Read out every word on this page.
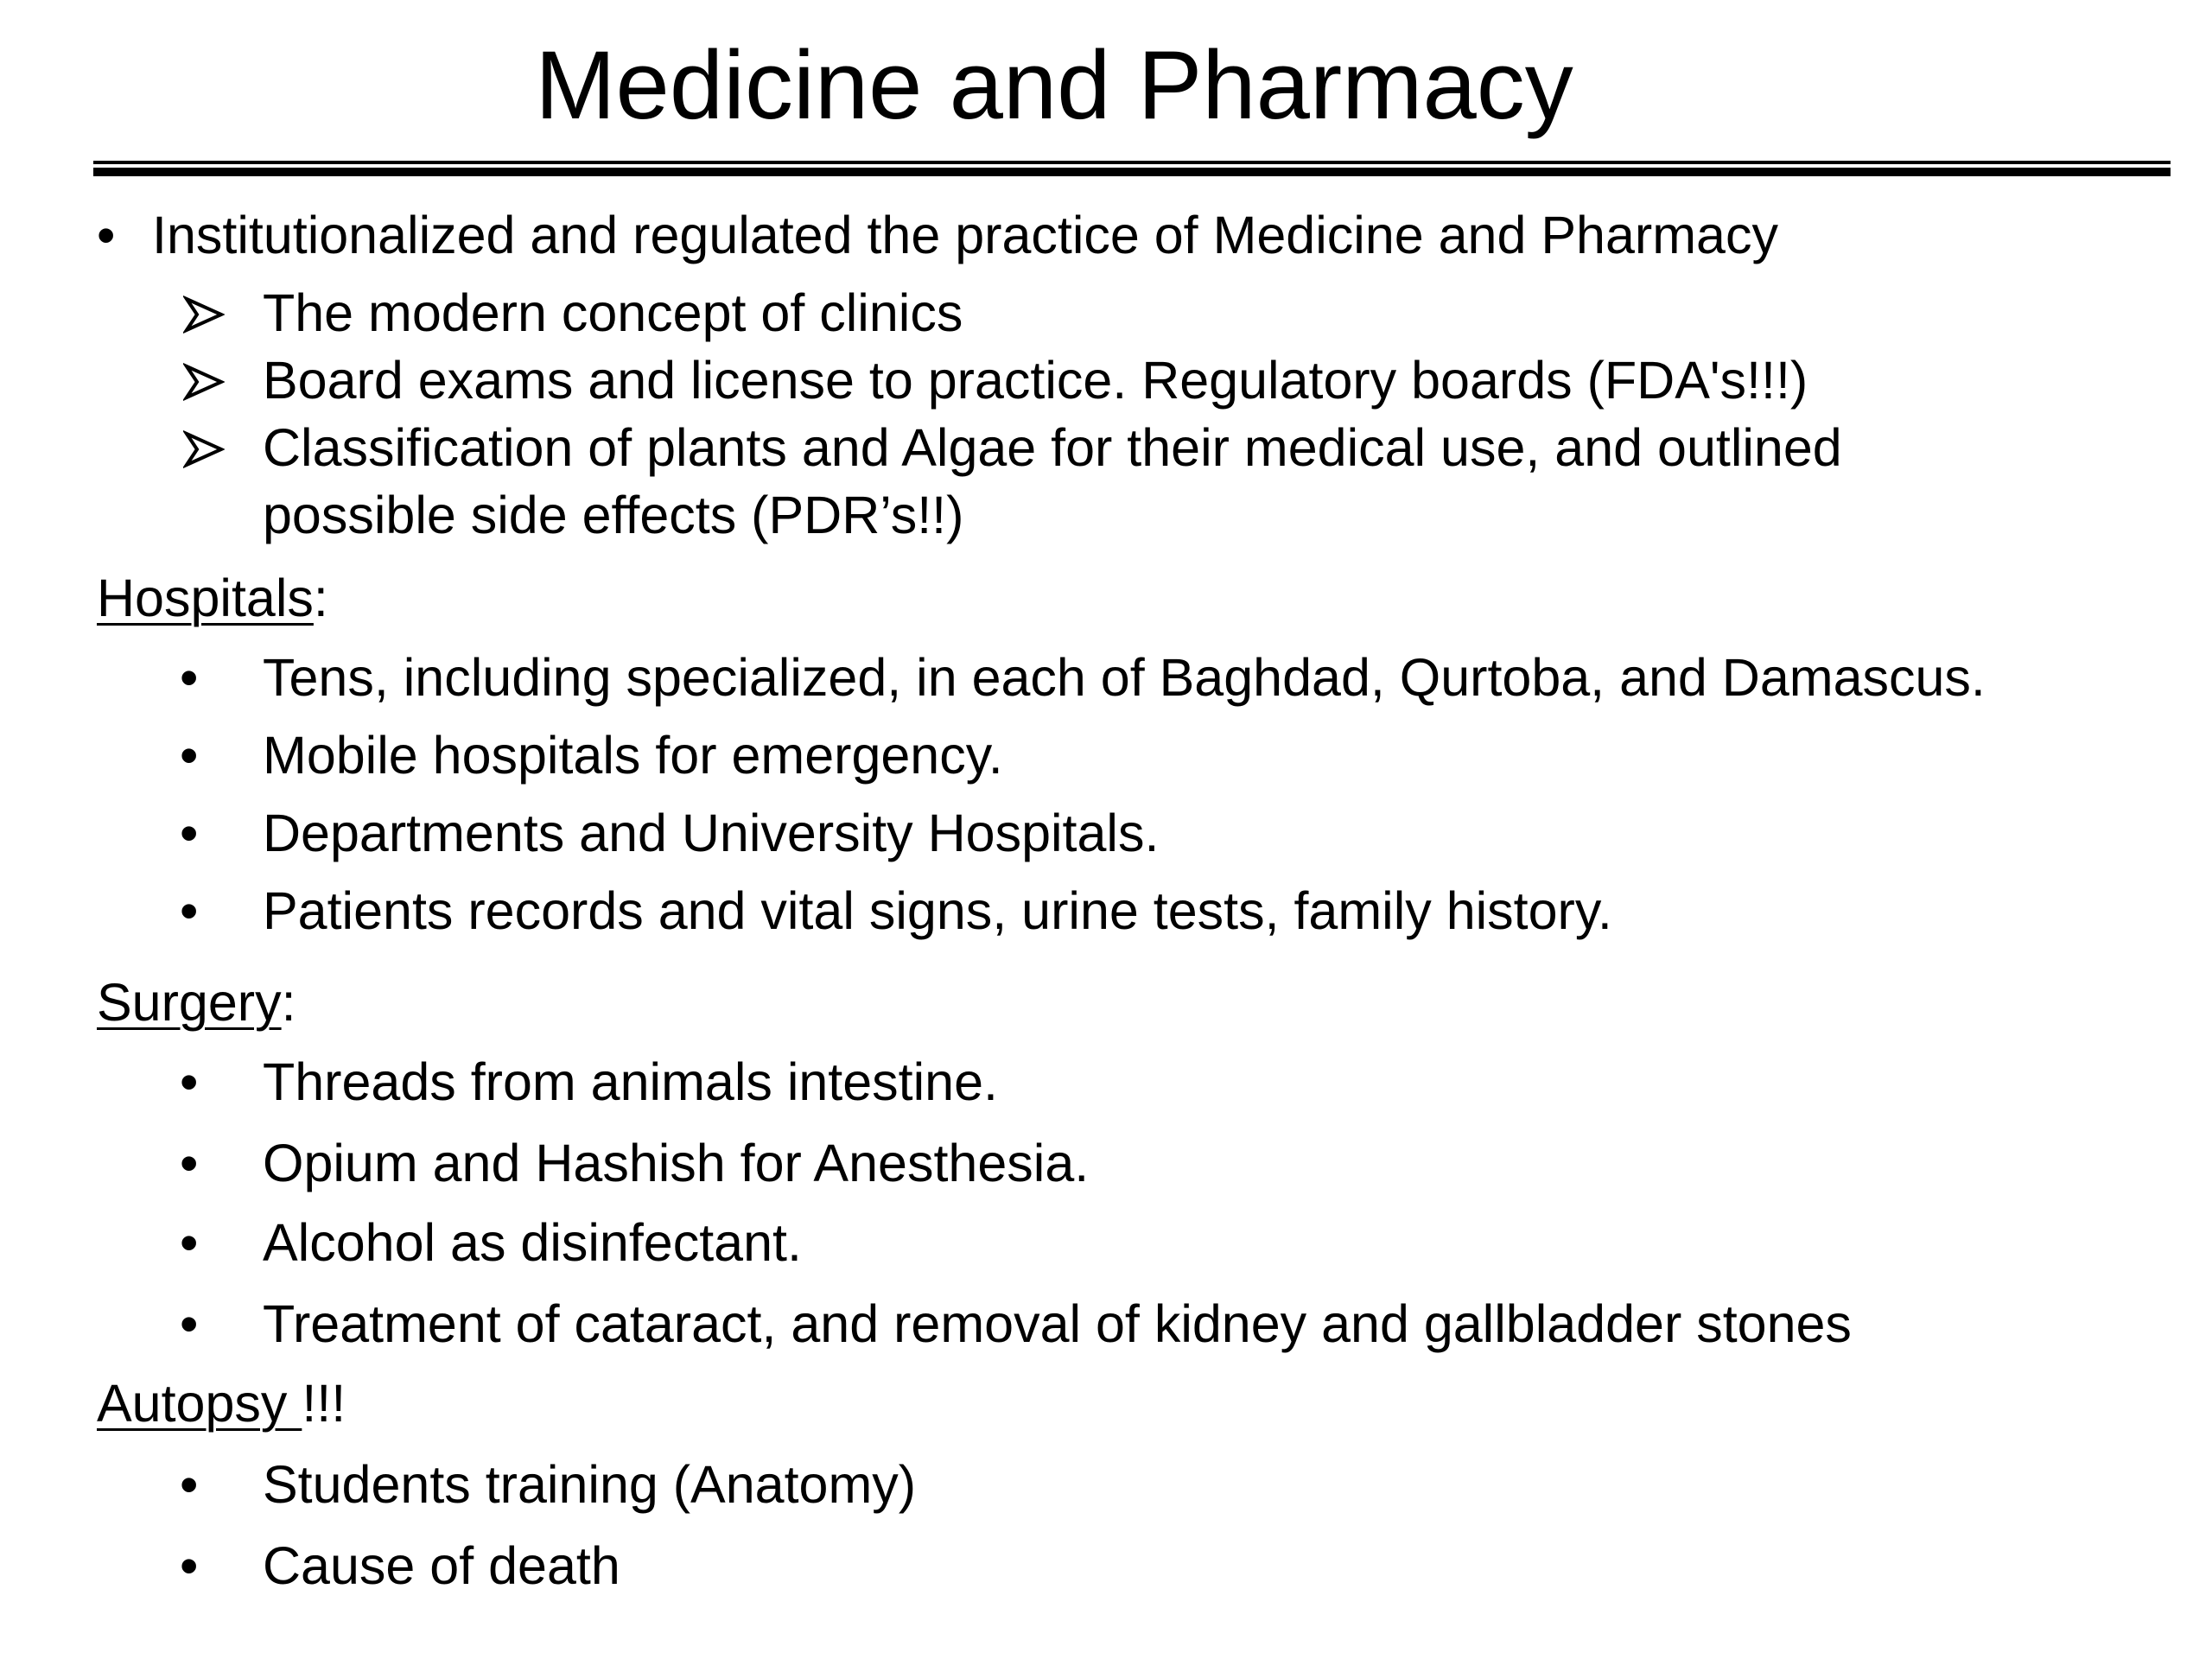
Medicine and Pharmacy
• Institutionalized and regulated the practice of Medicine and Pharmacy
The modern concept of clinics
Board exams and license to practice. Regulatory boards (FDA's!!!)
Classification of plants and Algae for their medical use, and outlined
possible side effects (PDR’s!!)
Hospitals:
• Tens, including specialized, in each of Baghdad, Qurtoba, and Damascus.
• Mobile hospitals for emergency.
• Departments and University Hospitals.
• Patients records and vital signs, urine tests, family history.
Surgery:
• Threads from animals intestine.
• Opium and Hashish for Anesthesia.
• Alcohol as disinfectant.
• Treatment of cataract, and removal of kidney and gallbladder stones
Autopsy !!!
• Students training (Anatomy)
• Cause of death
